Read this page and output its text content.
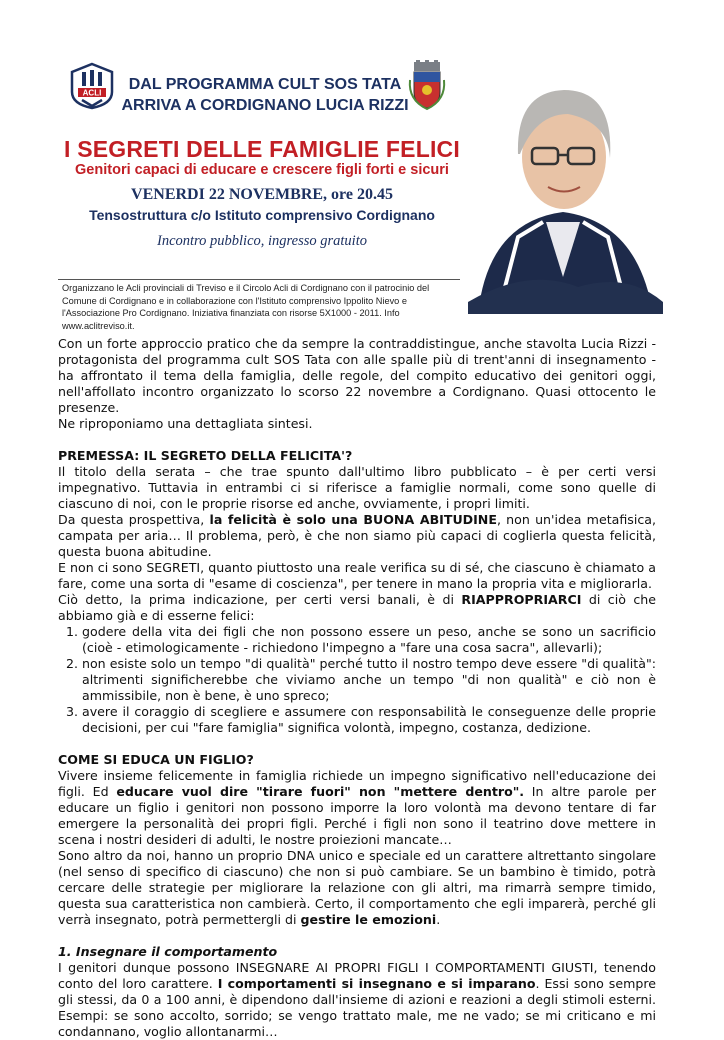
ACLI	DAL PROGRAMMA CULT SOS TATA
ARRIVA A CORDIGNANO LUCIA RIZZI
I SEGRETI DELLE FAMIGLIE FELICI
Genitori capaci di educare e crescere figli forti e sicuri
VENERDI 22 NOVEMBRE, ore 20.45
Tensostruttura c/o Istituto comprensivo Cordignano
Incontro pubblico, ingresso gratuito
Organizzano le Acli provinciali di Treviso e il Circolo Acli di Cordignano con il patrocinio del Comune di Cordignano e in collaborazione con l'Istituto comprensivo Ippolito Nievo e l'Associazione Pro Cordignano. Iniziativa finanziata con risorse 5X1000 - 2011. Info www.aclitreviso.it.

Con un forte approccio pratico che da sempre la contraddistingue, anche stavolta Lucia Rizzi - protagonista del programma cult SOS Tata con alle spalle più di trent'anni di insegnamento - ha affrontato il tema della famiglia, delle regole, del compito educativo dei genitori oggi, nell'affollato incontro organizzato lo scorso 22 novembre a Cordignano. Quasi ottocento le presenze.

Ne riproponiamo una dettagliata sintesi.

PREMESSA: IL SEGRETO DELLA FELICITA'?

Il titolo della serata – che trae spunto dall'ultimo libro pubblicato – è per certi versi impegnativo. Tuttavia in entrambi ci si riferisce a famiglie normali, come sono quelle di ciascuno di noi, con le proprie risorse ed anche, ovviamente, i propri limiti.

Da questa prospettiva, la felicità è solo una BUONA ABITUDINE, non un'idea metafisica, campata per aria… Il problema, però, è che non siamo più capaci di coglierla questa felicità, questa buona abitudine.

E non ci sono SEGRETI, quanto piuttosto una reale verifica su di sé, che ciascuno è chiamato a fare, come una sorta di "esame di coscienza", per tenere in mano la propria vita e migliorarla.

Ciò detto, la prima indicazione, per certi versi banali, è di RIAPPROPRIARCI di ciò che abbiamo già e di esserne felici:

1. godere della vita dei figli che non possono essere un peso, anche se sono un sacrificio (cioè - etimologicamente - richiedono l'impegno a "fare una cosa sacra", allevarli);
2. non esiste solo un tempo "di qualità" perché tutto il nostro tempo deve essere "di qualità": altrimenti significherebbe che viviamo anche un tempo "di non qualità" e ciò non è ammissibile, non è bene, è uno spreco;
3. avere il coraggio di scegliere e assumere con responsabilità le conseguenze delle proprie decisioni, per cui "fare famiglia" significa volontà, impegno, costanza, dedizione.

COME SI EDUCA UN FIGLIO?

Vivere insieme felicemente in famiglia richiede un impegno significativo nell'educazione dei figli. Ed educare vuol dire "tirare fuori" non "mettere dentro". In altre parole per educare un figlio i genitori non possono imporre la loro volontà ma devono tentare di far emergere la personalità dei propri figli. Perché i figli non sono il teatrino dove mettere in scena i nostri desideri di adulti, le nostre proiezioni mancate…

Sono altro da noi, hanno un proprio DNA unico e speciale ed un carattere altrettanto singolare (nel senso di specifico di ciascuno) che non si può cambiare. Se un bambino è timido, potrà cercare delle strategie per migliorare la relazione con gli altri, ma rimarrà sempre timido, questa sua caratteristica non cambierà. Certo, il comportamento che egli imparerà, perché gli verrà insegnato, potrà permettergli di gestire le emozioni.

1. Insegnare il comportamento

I genitori dunque possono INSEGNARE AI PROPRI FIGLI I COMPORTAMENTI GIUSTI, tenendo conto del loro carattere. I comportamenti si insegnano e si imparano. Essi sono sempre gli stessi, da 0 a 100 anni, è dipendono dall'insieme di azioni e reazioni a degli stimoli esterni. Esempi: se sono accolto, sorrido; se vengo trattato male, me ne vado; se mi criticano e mi condannano, voglio allontanarmi…
